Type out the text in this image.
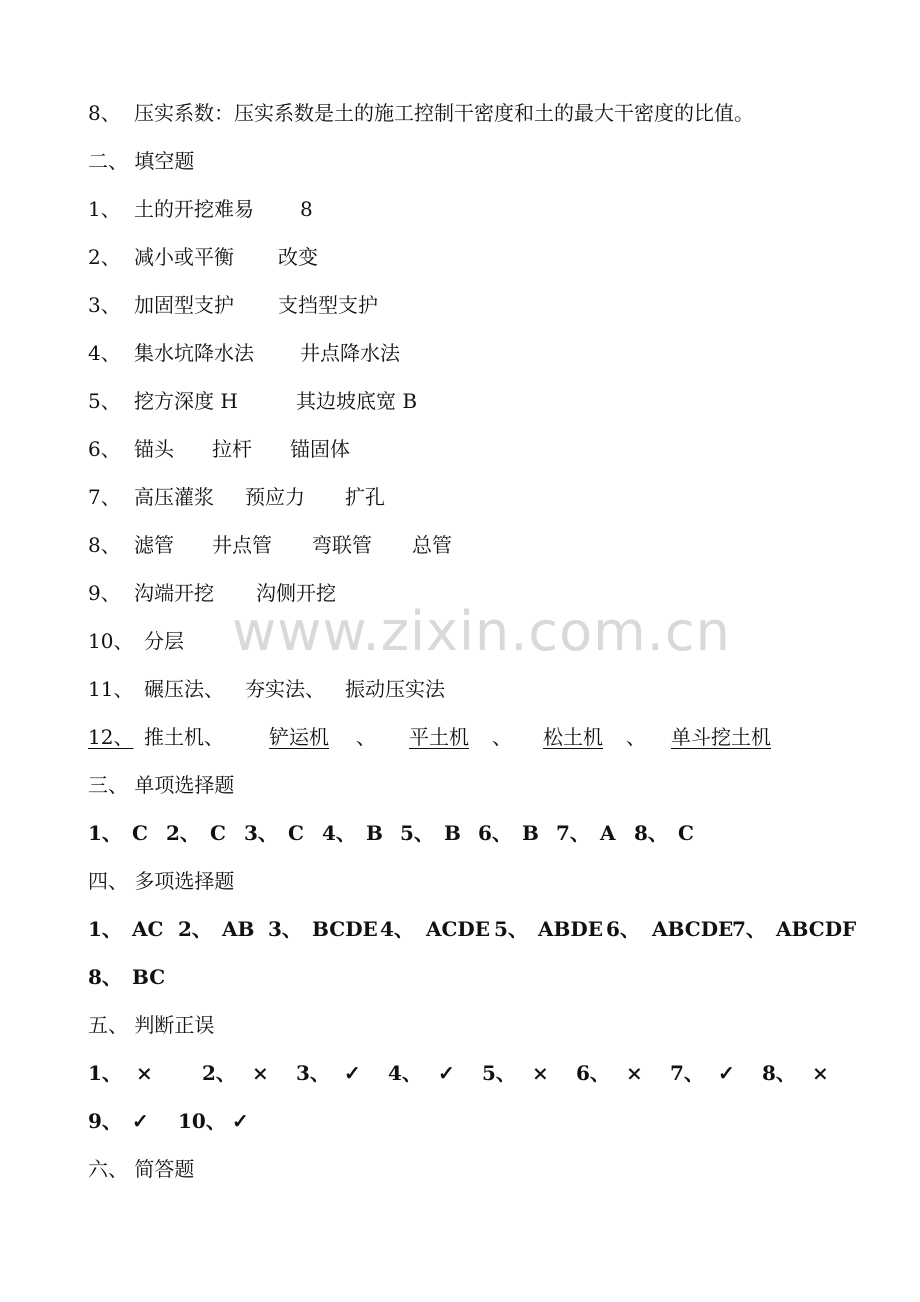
8、 压实系数：压实系数是土的施工控制干密度和土的最大干密度的比值。
二、 填空题
1、 土的开挖难易 8
2、 减小或平衡 改变
3、 加固型支护 支挡型支护
4、 集水坑降水法 井点降水法
5、 挖方深度 H	其边坡底宽 B
6、 锚头 拉杆 锚固体
7、 高压灌浆 预应力 扩孔
8、 滤管 井点管 弯联管 总管
9、 沟端开挖 沟侧开挖
10、 分层
11、 碾压法、 夯实法、 振动压实法
12、 推土机、	铲运机	、	平土机	、	松土机	、	单斗挖土机
三、 单项选择题
1、 C 2、 C 3、 C 4、 B 5、 B 6、 B 7、 A 8、 C
四、 多项选择题
1、 AC 2、 AB 3、 BCDE 4、 ACDE 5、 ABDE 6、 ABCDE
7、 ABCDF
8、 BC
五、 判断正误
1、 × 2、 × 3、 ✓ 4、 ✓ 5、 × 6、 × 7、 ✓ 8、 ×
9、 ✓ 10、 ✓
六、 简答题
www.zixin.com.cn
